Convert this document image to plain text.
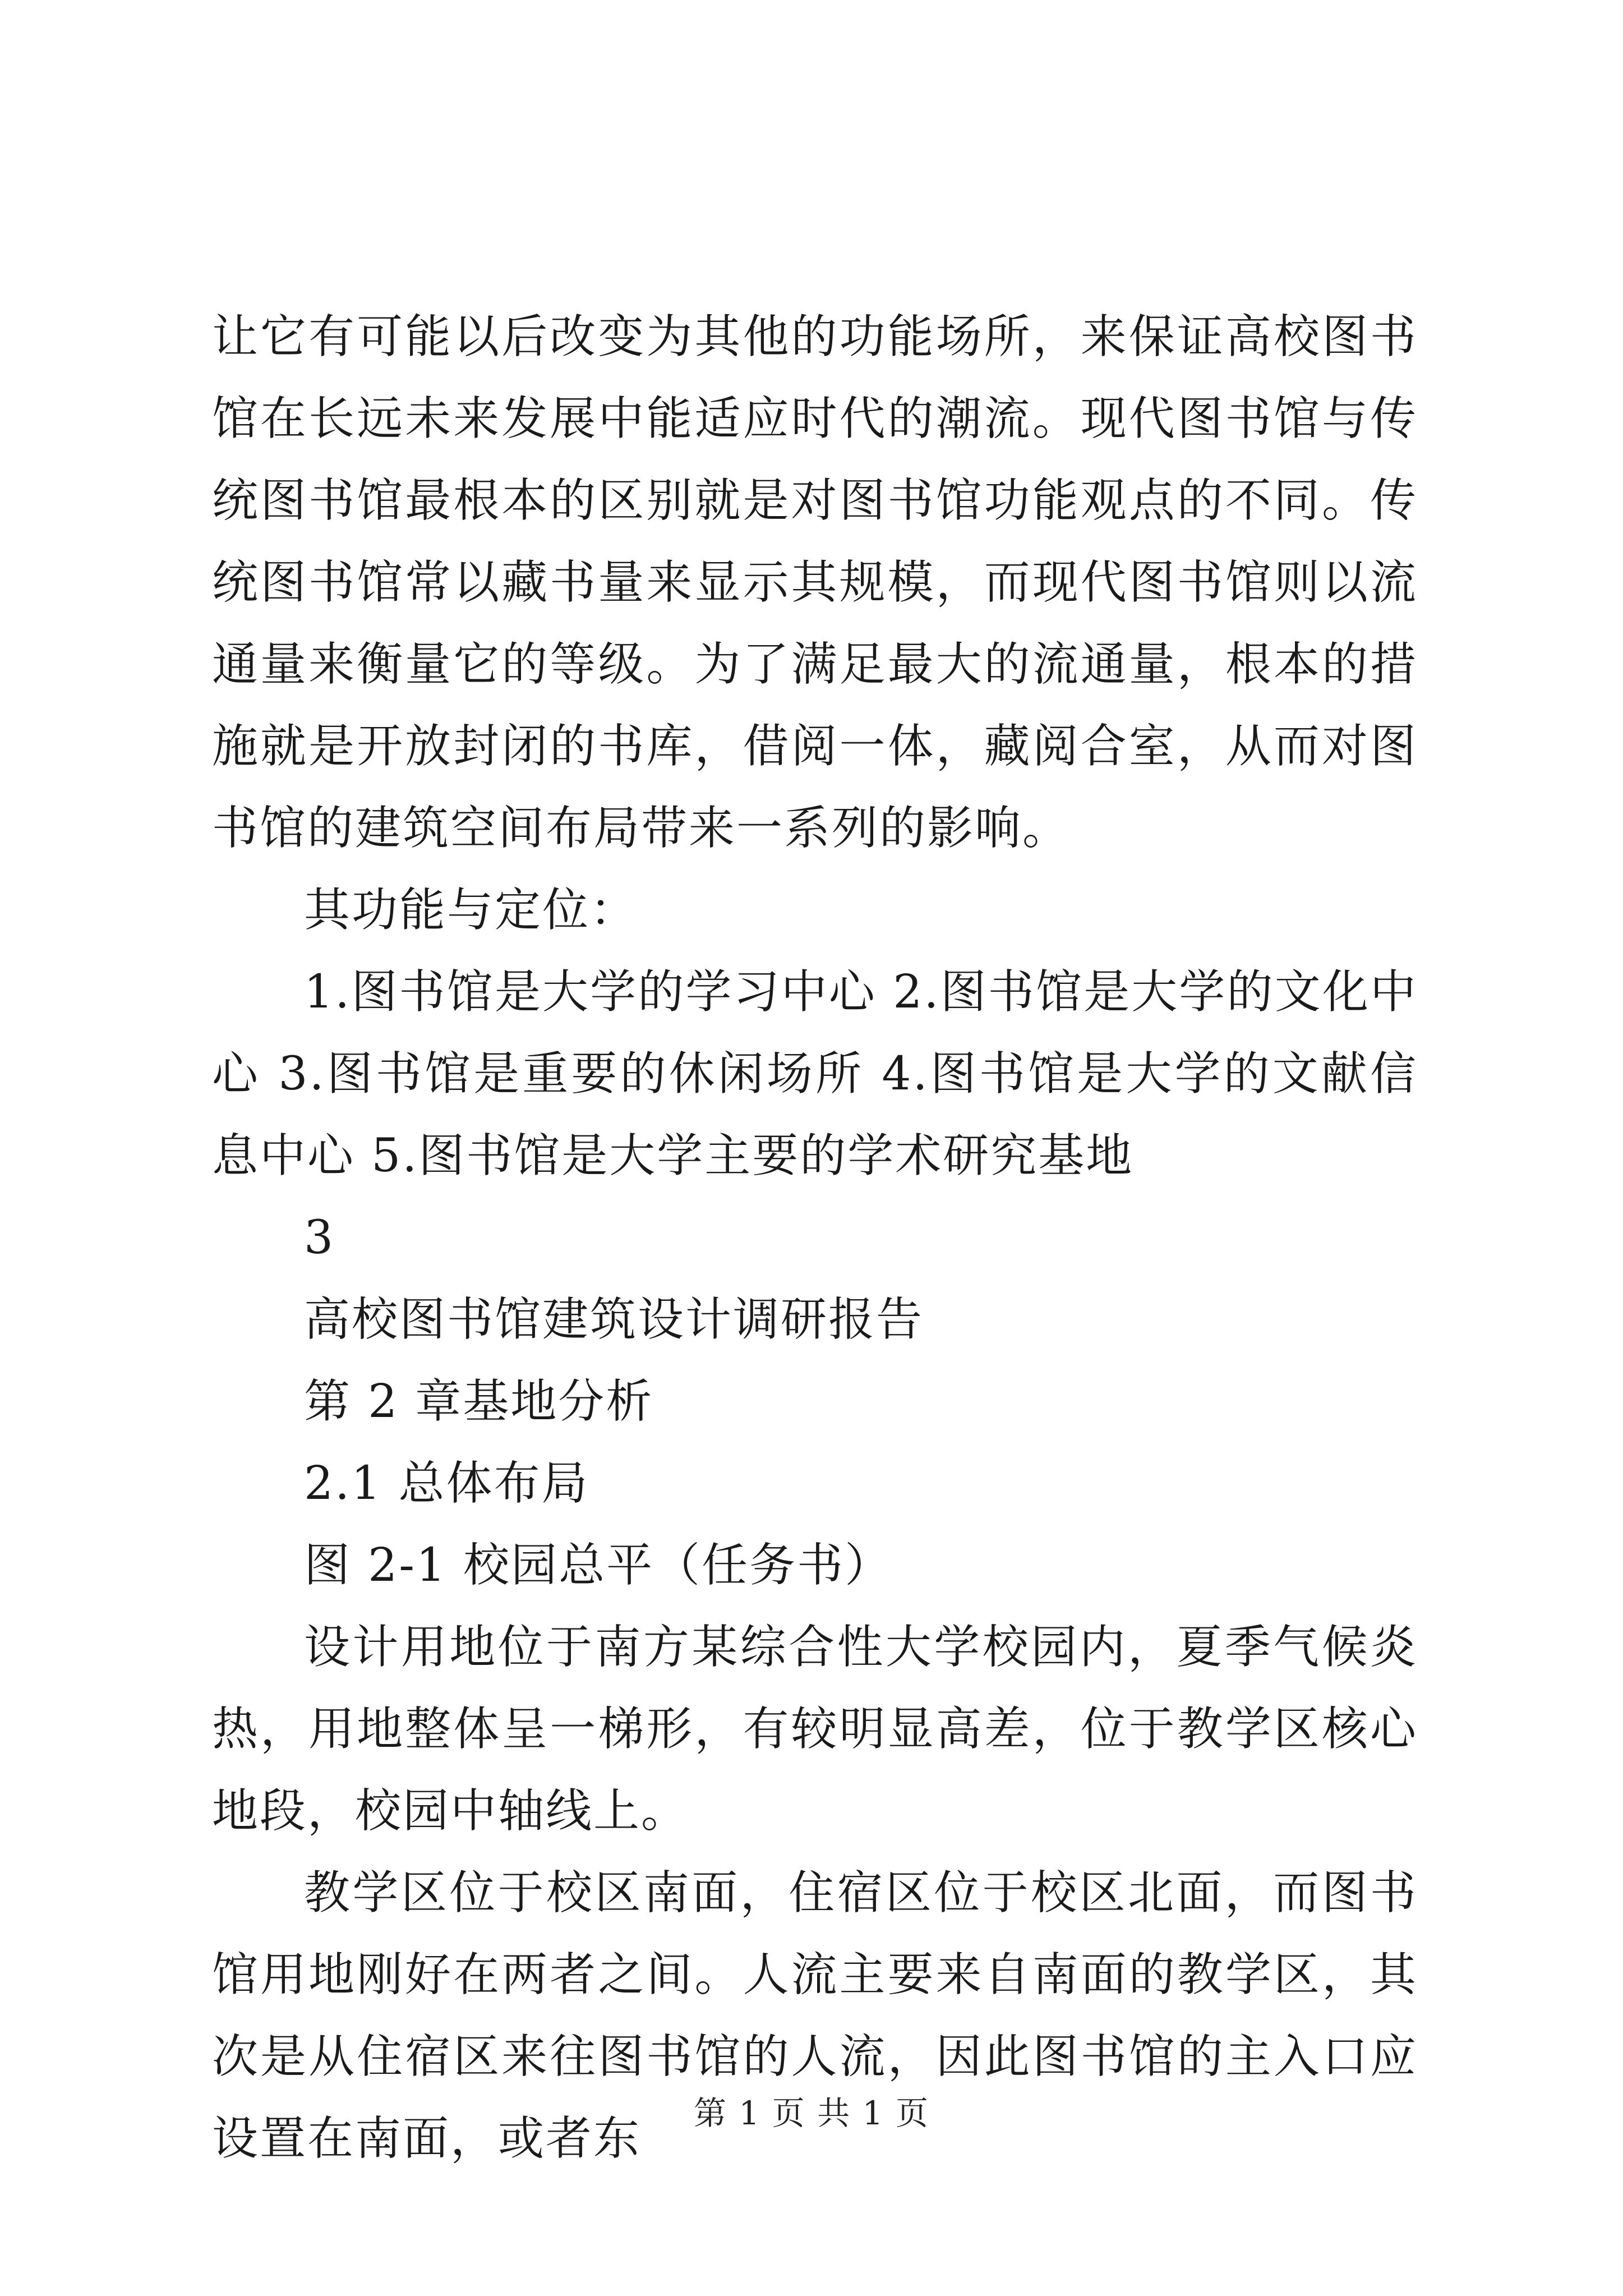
让它有可能以后改变为其他的功能场所，来保证高校图书馆在长远未来发展中能适应时代的潮流。现代图书馆与传统图书馆最根本的区别就是对图书馆功能观点的不同。传统图书馆常以藏书量来显示其规模，而现代图书馆则以流通量来衡量它的等级。为了满足最大的流通量，根本的措施就是开放封闭的书库，借阅一体，藏阅合室，从而对图书馆的建筑空间布局带来一系列的影响。

其功能与定位：

1.图书馆是大学的学习中心 2.图书馆是大学的文化中心 3.图书馆是重要的休闲场所 4.图书馆是大学的文献信息中心 5.图书馆是大学主要的学术研究基地

3

高校图书馆建筑设计调研报告

第 2 章基地分析

2.1 总体布局

图 2-1 校园总平（任务书）

设计用地位于南方某综合性大学校园内，夏季气候炎热，用地整体呈一梯形，有较明显高差，位于教学区核心地段，校园中轴线上。

教学区位于校区南面，住宿区位于校区北面，而图书馆用地刚好在两者之间。人流主要来自南面的教学区，其次是从住宿区来往图书馆的人流，因此图书馆的主入口应设置在南面，或者东	第 1 页 共 1 页
